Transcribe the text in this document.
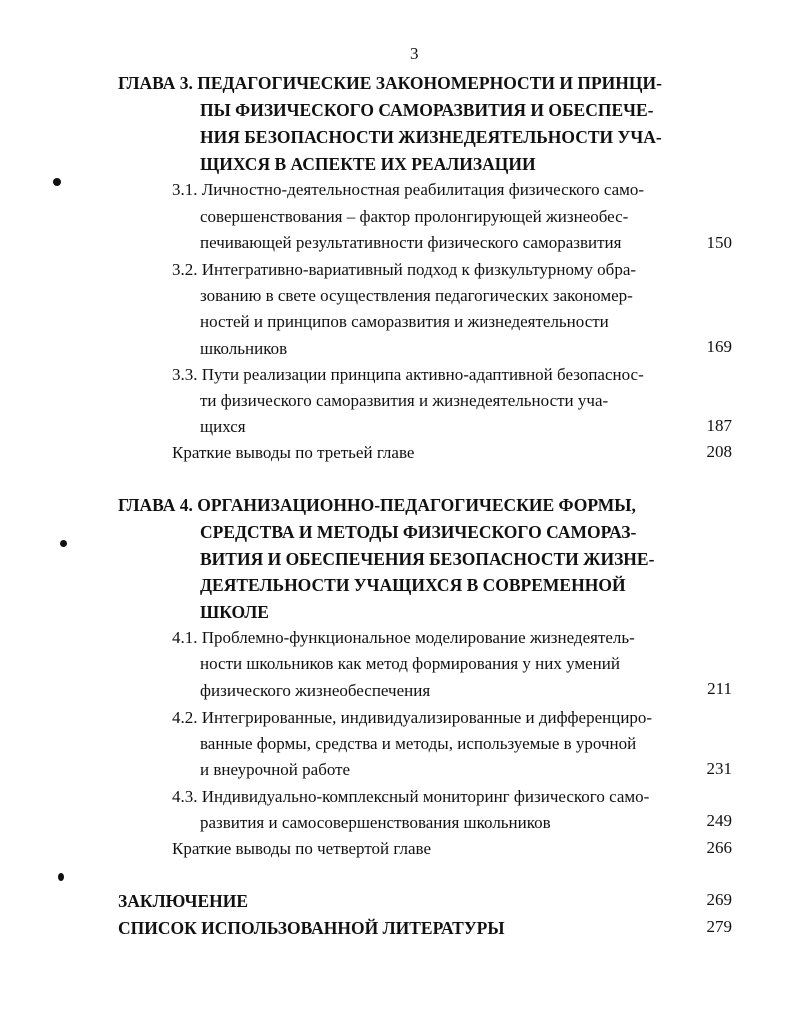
3
ГЛАВА 3. ПЕДАГОГИЧЕСКИЕ ЗАКОНОМЕРНОСТИ И ПРИНЦИ-
ПЫ ФИЗИЧЕСКОГО САМОРАЗВИТИЯ И ОБЕСПЕЧЕ-
НИЯ БЕЗОПАСНОСТИ ЖИЗНЕДЕЯТЕЛЬНОСТИ УЧА-
ЩИХСЯ В АСПЕКТЕ ИХ РЕАЛИЗАЦИИ
3.1. Личностно-деятельностная реабилитация физического само-
совершенствования – фактор пролонгирующей жизнеобес-
печивающей результативности физического саморазвития	150
3.2. Интегративно-вариативный подход к физкультурному обра-
зованию в свете осуществления педагогических закономер-
ностей и принципов саморазвития и жизнедеятельности
школьников	169
3.3. Пути реализации принципа активно-адаптивной безопаснос-
ти физического саморазвития и жизнедеятельности уча-
щихся	187
Краткие выводы по третьей главе	208
ГЛАВА 4. ОРГАНИЗАЦИОННО-ПЕДАГОГИЧЕСКИЕ ФОРМЫ,
СРЕДСТВА И МЕТОДЫ ФИЗИЧЕСКОГО САМОРАЗ-
ВИТИЯ И ОБЕСПЕЧЕНИЯ БЕЗОПАСНОСТИ ЖИЗНЕ-
ДЕЯТЕЛЬНОСТИ УЧАЩИХСЯ В СОВРЕМЕННОЙ
ШКОЛЕ
4.1. Проблемно-функциональное моделирование жизнедеятель-
ности школьников как метод формирования у них умений
физического жизнеобеспечения	211
4.2. Интегрированные, индивидуализированные и дифференциро-
ванные формы, средства и методы, используемые в урочной
и внеурочной работе	231
4.3. Индивидуально-комплексный мониторинг физического само-
развития и самосовершенствования школьников	249
Краткие выводы по четвертой главе	266
ЗАКЛЮЧЕНИЕ	269
СПИСОК ИСПОЛЬЗОВАННОЙ ЛИТЕРАТУРЫ	279
